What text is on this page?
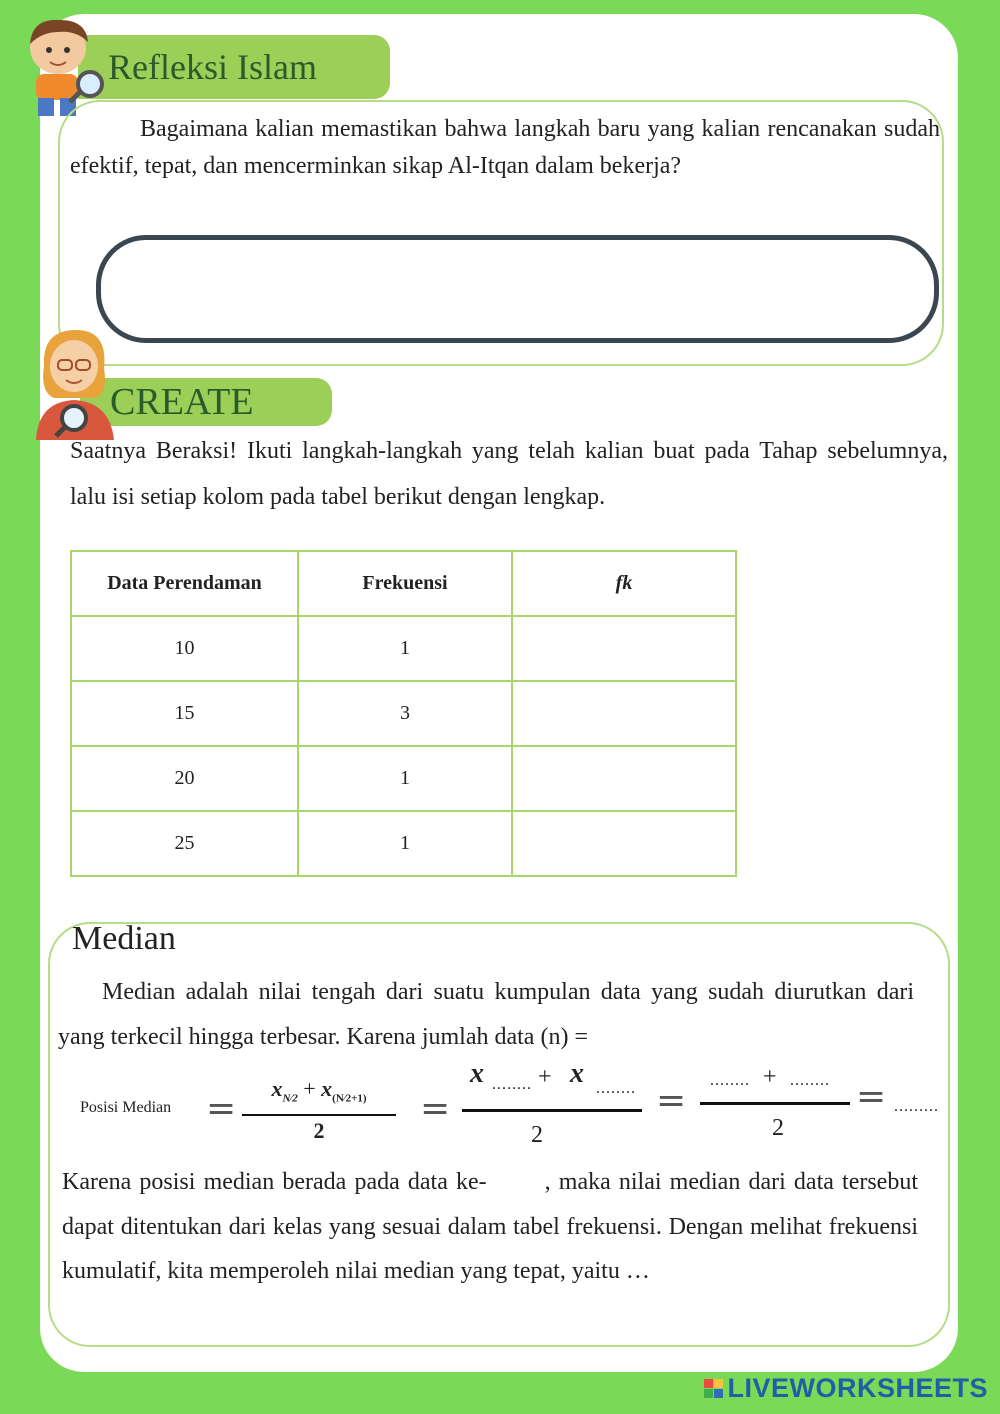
Refleksi Islam
Bagaimana kalian memastikan bahwa langkah baru yang kalian rencanakan sudah efektif, tepat, dan mencerminkan sikap Al-Itqan dalam bekerja?
CREATE
Saatnya Beraksi! Ikuti langkah-langkah yang telah kalian buat pada Tahap sebelumnya, lalu isi setiap kolom pada tabel berikut dengan lengkap.
Data Perendaman	Frekuensi	fk
10	1	
15	3	
20	1	
25	1	
Median
Median adalah nilai tengah dari suatu kumpulan data yang sudah diurutkan dari yang terkecil hingga terbesar. Karena jumlah data (n) =
Posisi Median =	$x_{N⁄2} + x_{(N⁄2+1)}$
2
=
x ........ + x ........
2
= ........ + ........
2
= .........
Karena posisi median berada pada data ke- , maka nilai median dari data tersebut dapat ditentukan dari kelas yang sesuai dalam tabel frekuensi. Dengan melihat frekuensi kumulatif, kita memperoleh nilai median yang tepat, yaitu …
LIVEWORKSHEETS
